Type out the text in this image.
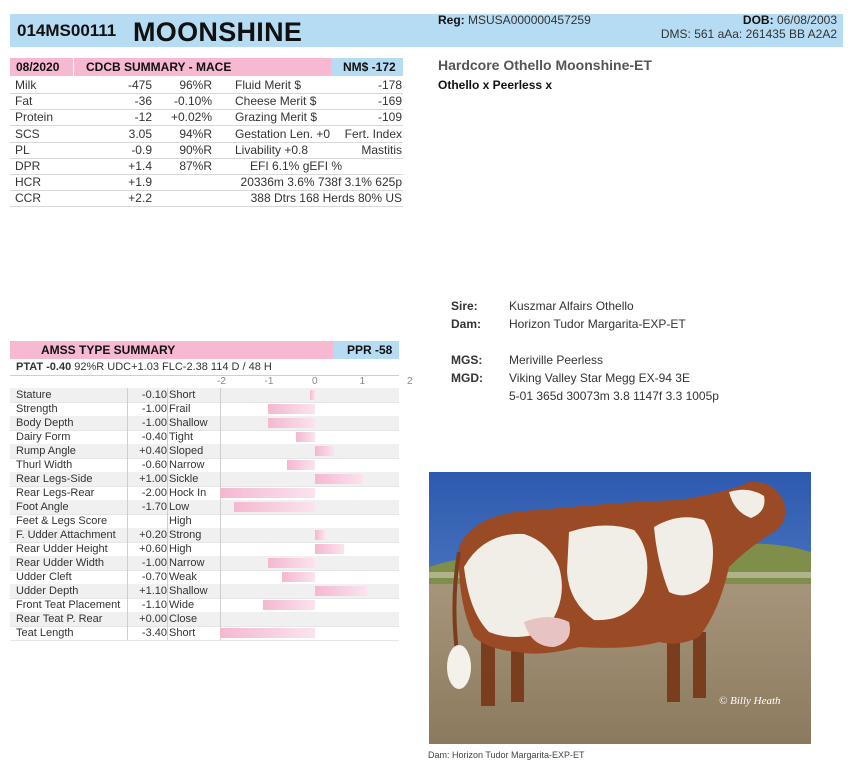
014MS00111 MOONSHINE	Reg: MSUSA000000457259	DOB: 06/08/2003
DMS: 561 aAa: 261435 BB A2A2
08/2020 CDCB SUMMARY - MACE	NM$ -172
Milk	-475	96%R Fluid Merit $	-178
Fat	-36	-0.10% Cheese Merit $	-169
Protein	-12	+0.02% Grazing Merit $	-109
SCS	3.05	94%R Gestation Len. +0	Fert. Index
PL	-0.9	90%R Livability +0.8	Mastitis
DPR	+1.4	87%R	EFI 6.1% gEFI %
HCR	+1.9	20336m 3.6% 738f 3.1% 625p
CCR	+2.2	388 Dtrs 168 Herds 80% US
Hardcore Othello Moonshine-ET
Othello x Peerless x
Sire:	Kuszmar Alfairs Othello
Dam: Horizon Tudor Margarita-EXP-ET
MGS: Meriville Peerless
MGD: Viking Valley Star Megg EX-94 3E
5-01 365d 30073m 3.8 1147f 3.3 1005p
AMSS TYPE SUMMARY	PPR -58
PTAT -0.40 92%R UDC+1.03 FLC-2.38 114 D / 48 H
-2	-1	0	1	2
Stature	-0.10 Short
Strength	-1.00 Frail
Body Depth	-1.00 Shallow
Dairy Form	-0.40 Tight
Rump Angle	+0.40 Sloped
Thurl Width	-0.60 Narrow
Rear Legs-Side	+1.00 Sickle
Rear Legs-Rear	-2.00 Hock In
Foot Angle	-1.70 Low
Feet & Legs Score	High
F. Udder Attachment	+0.20 Strong
Rear Udder Height	+0.60 High
Rear Udder Width	-1.00 Narrow
Udder Cleft	-0.70 Weak
Udder Depth	+1.10 Shallow
Front Teat Placement	-1.10 Wide
Rear Teat P. Rear	+0.00 Close
Teat Length	-3.40 Short
© Billy Heath
Dam: Horizon Tudor Margarita-EXP-ET
